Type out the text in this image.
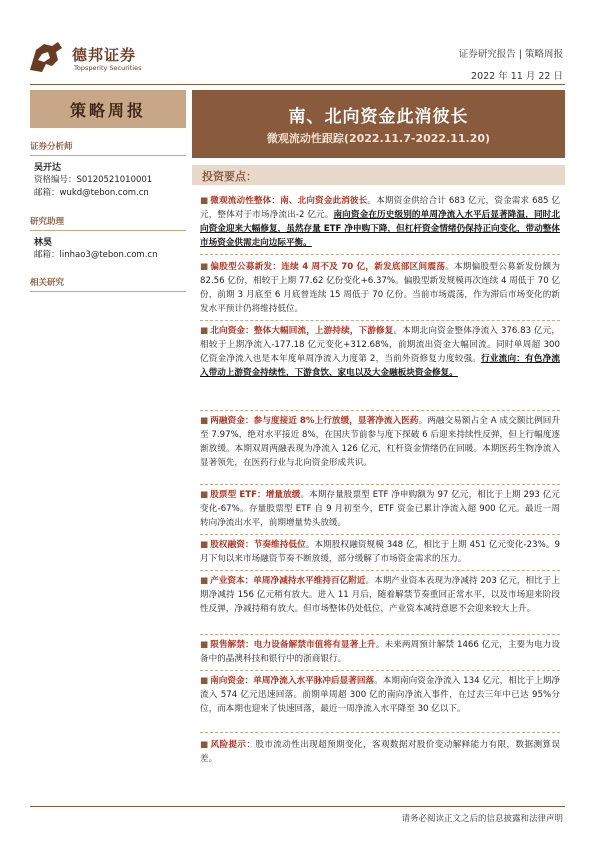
德邦证券
Topsperity Securities
证券研究报告 | 策略周报
2022 年 11 月 22 日
策略周报	南、北向资金此消彼长
微观流动性跟踪(2022.11.7-2022.11.20)
证券分析师
吴开达
资格编号：S0120521010001
邮箱：wukd@tebon.com.cn
研究助理
林昊
邮箱：linhao3@tebon.com.cn
相关研究
投资要点：
■ 微观流动性整体：南、北向资金此消彼长。本期资金供给合计 683 亿元，资金需求 685 亿元，整体对于市场净流出-2 亿元。南向资金在历史级别的单周净流入水平后显著降温，同时北向资金迎来大幅修复，虽然存量 ETF 净申购下降，但杠杆资金情绪仍保持正向变化，带动整体市场资金供需走向边际平衡。
■ 偏股型公募新发：连续 4 周不及 70 亿，新发底部区间震荡。本期偏股型公募新发份额为 82.56 亿份，相较于上期 77.62 亿份变化+6.37%。偏股型新发规模再次连续 4 周低于 70 亿份，前期 3 月底至 6 月底曾连续 15 周低于 70 亿份。当前市场震荡，作为滞后市场变化的新发水平预计仍将维持低位。
■ 北向资金：整体大幅回流，上游持续，下游修复。本期北向资金整体净流入 376.83 亿元，相较于上期净流入-177.18 亿元变化+312.68%，前期流出资金大幅回流。同时单周超 300 亿资金净流入也是本年度单周净流入力度第 2，当前外资修复力度较强。行业流向：有色净流入带动上游资金持续性，下游食饮、家电以及大金融板块资金修复。
■ 两融资金：参与度接近 8%上行放缓，显著净流入医药。两融交易额占全 A 成交额比例回升至 7.97%，绝对水平接近 8%，在国庆节前参与度下探破 6 后迎来持续性反弹，但上行幅度逐渐放缓。本期双周两融表现为净流入 126 亿元，杠杆资金情绪仍在回暖。本期医药生物净流入显著领先，在医药行业与北向资金形成共识。
■ 股票型 ETF：增量放缓。本期存量股票型 ETF 净申购额为 97 亿元，相比于上期 293 亿元变化-67%。存量股票型 ETF 自 9 月初至今，ETF 资金已累计净流入超 900 亿元。最近一周转向净流出水平，前期增量势头放缓。
■ 股权融资：节奏维持低位。本期股权融资规模 348 亿，相比于上期 451 亿元变化-23%。9 月下旬以来市场融资节奏不断放缓，部分缓解了市场资金需求的压力。
■ 产业资本：单周净减持水平维持百亿附近。本期产业资本表现为净减持 203 亿元，相比于上期净减持 156 亿元稍有放大。进入 11 月后，随着解禁节奏重回正常水平，以及市场迎来阶段性反弹，净减持稍有放大。但市场整体仍处低位，产业资本减持意愿不会迎来较大上升。
■ 限售解禁：电力设备解禁市值将有显著上升。未来两周预计解禁 1466 亿元，主要为电力设备中的晶澳科技和银行中的浙商银行。
■ 南向资金：单周净流入水平脉冲后显著回落。本期南向资金净流入 134 亿元，相比于上期净流入 574 亿元迅速回落。前期单周超 300 亿的南向净流入事件，在过去三年中已达 95%分位，而本期也迎来了快速回落，最近一周净流入水平降至 30 亿以下。
■ 风险提示：股市流动性出现超预期变化，客观数据对股价变动解释能力有限，数据测算误差。
请务必阅读正文之后的信息披露和法律声明
